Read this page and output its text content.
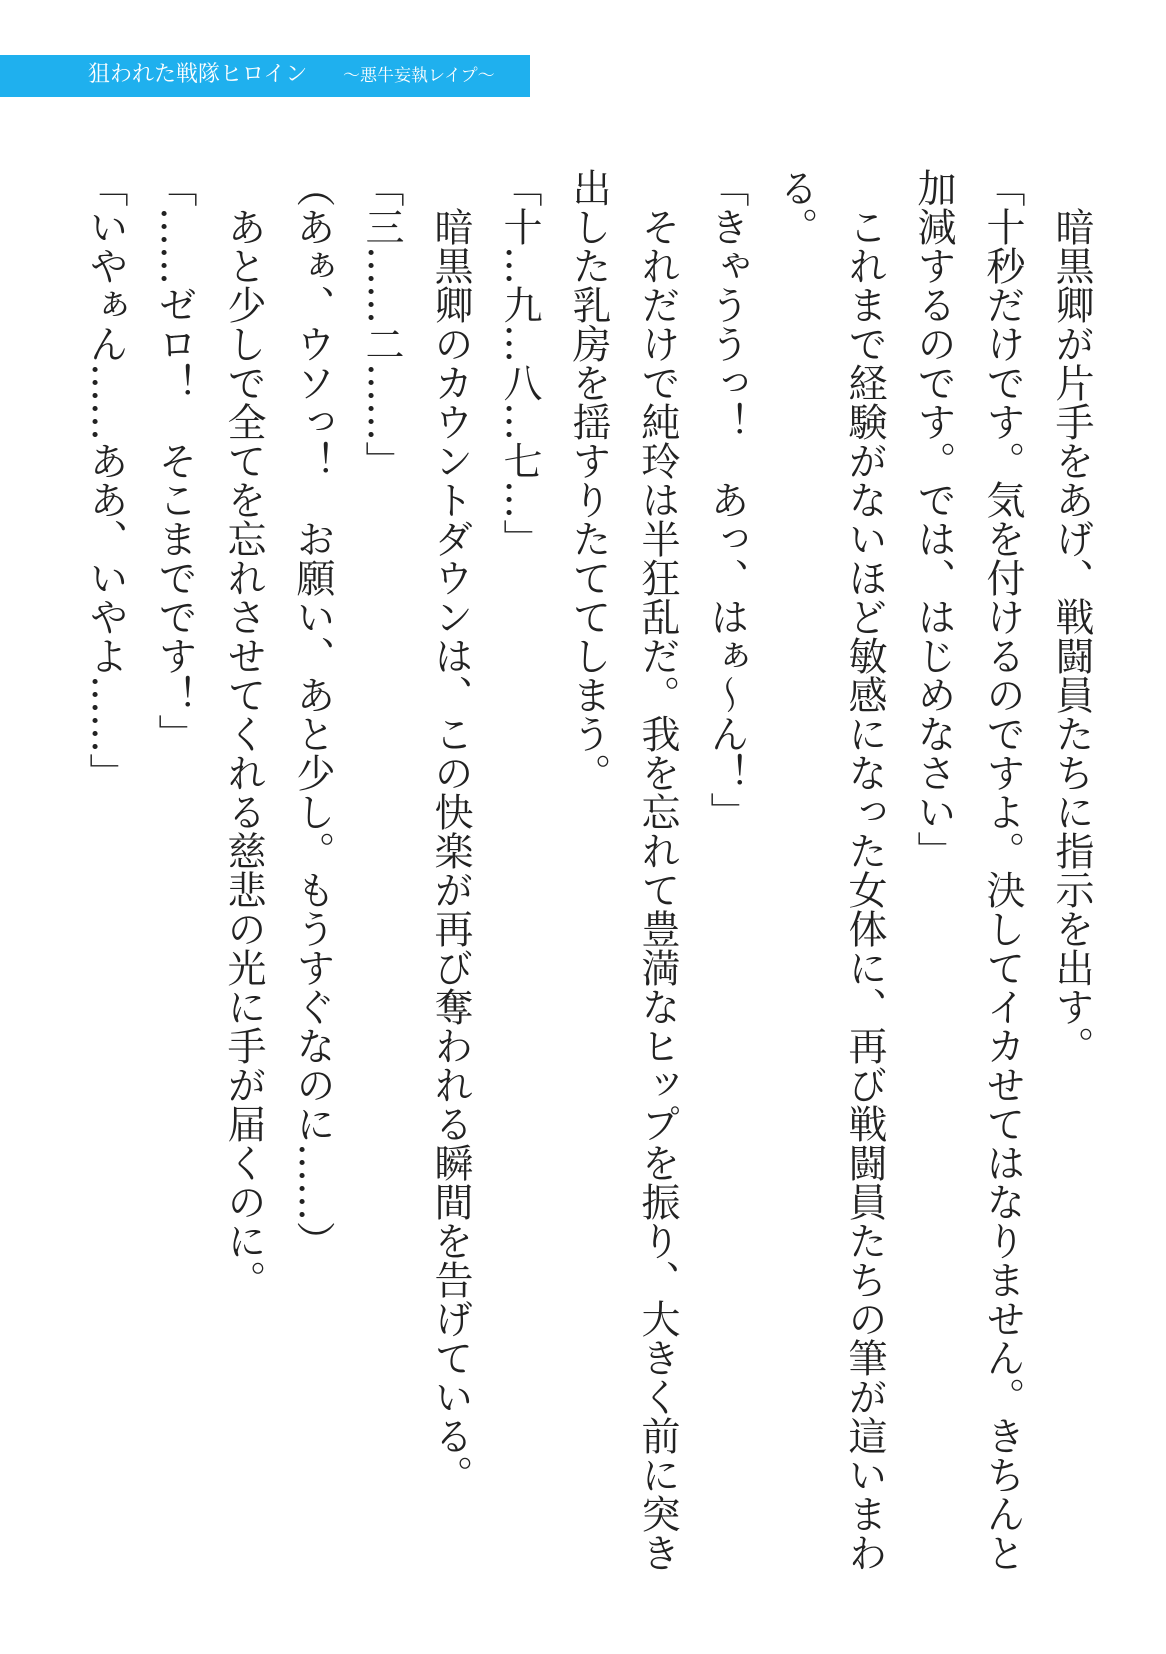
狙われた戦隊ヒロイン ～悪牛妄執レイプ～

　暗黒卿が片手をあげ、戦闘員たちに指示を出す。

「十秒だけです。気を付けるのですよ。決してイカせてはなりません。きちんと加減するのです。では、はじめなさい」

　これまで経験がないほど敏感になった女体に、再び戦闘員たちの筆が這いまわる。

「きゃううっ！　あっ、はぁ～ん！」

　それだけで純玲は半狂乱だ。我を忘れて豊満なヒップを振り、大きく前に突き出した乳房を揺すりたててしまう。

「十…九…八…七…」

　暗黒卿のカウントダウンは、この快楽が再び奪われる瞬間を告げている。

「三……二……」

（あぁ、ウソっ！　お願い、あと少し。もうすぐなのに……）

　あと少しで全てを忘れさせてくれる慈悲の光に手が届くのに。

「……ゼロ！　そこまでです！」

「いやぁん……ああ、いやよ……」
